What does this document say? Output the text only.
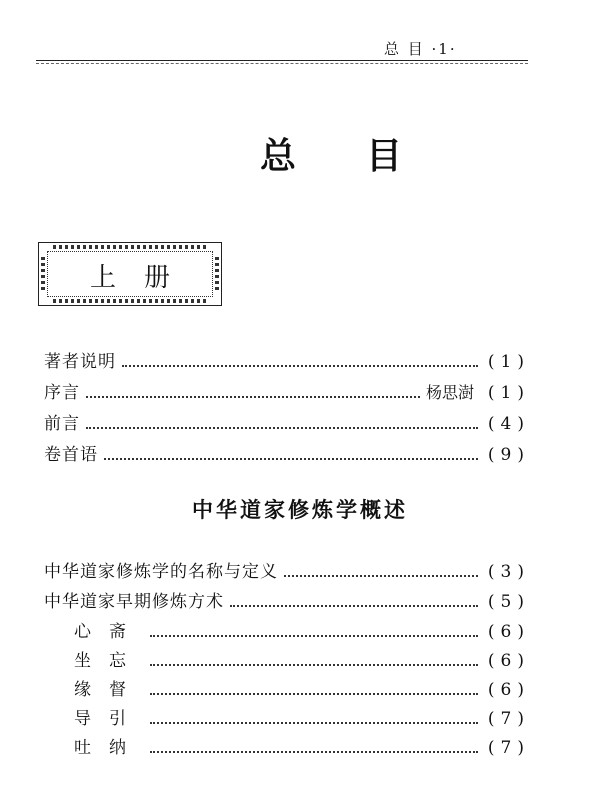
总 目 ·1·
总目
上册
著者说明	(1)
序言	杨思澍 (1)
前言	(4)
卷首语	(9)
中华道家修炼学概述
中华道家修炼学的名称与定义	(3)
中华道家早期修炼方术	(5)
心斋	(6)
坐忘	(6)
缘督	(6)
导引	(7)
吐纳	(7)
